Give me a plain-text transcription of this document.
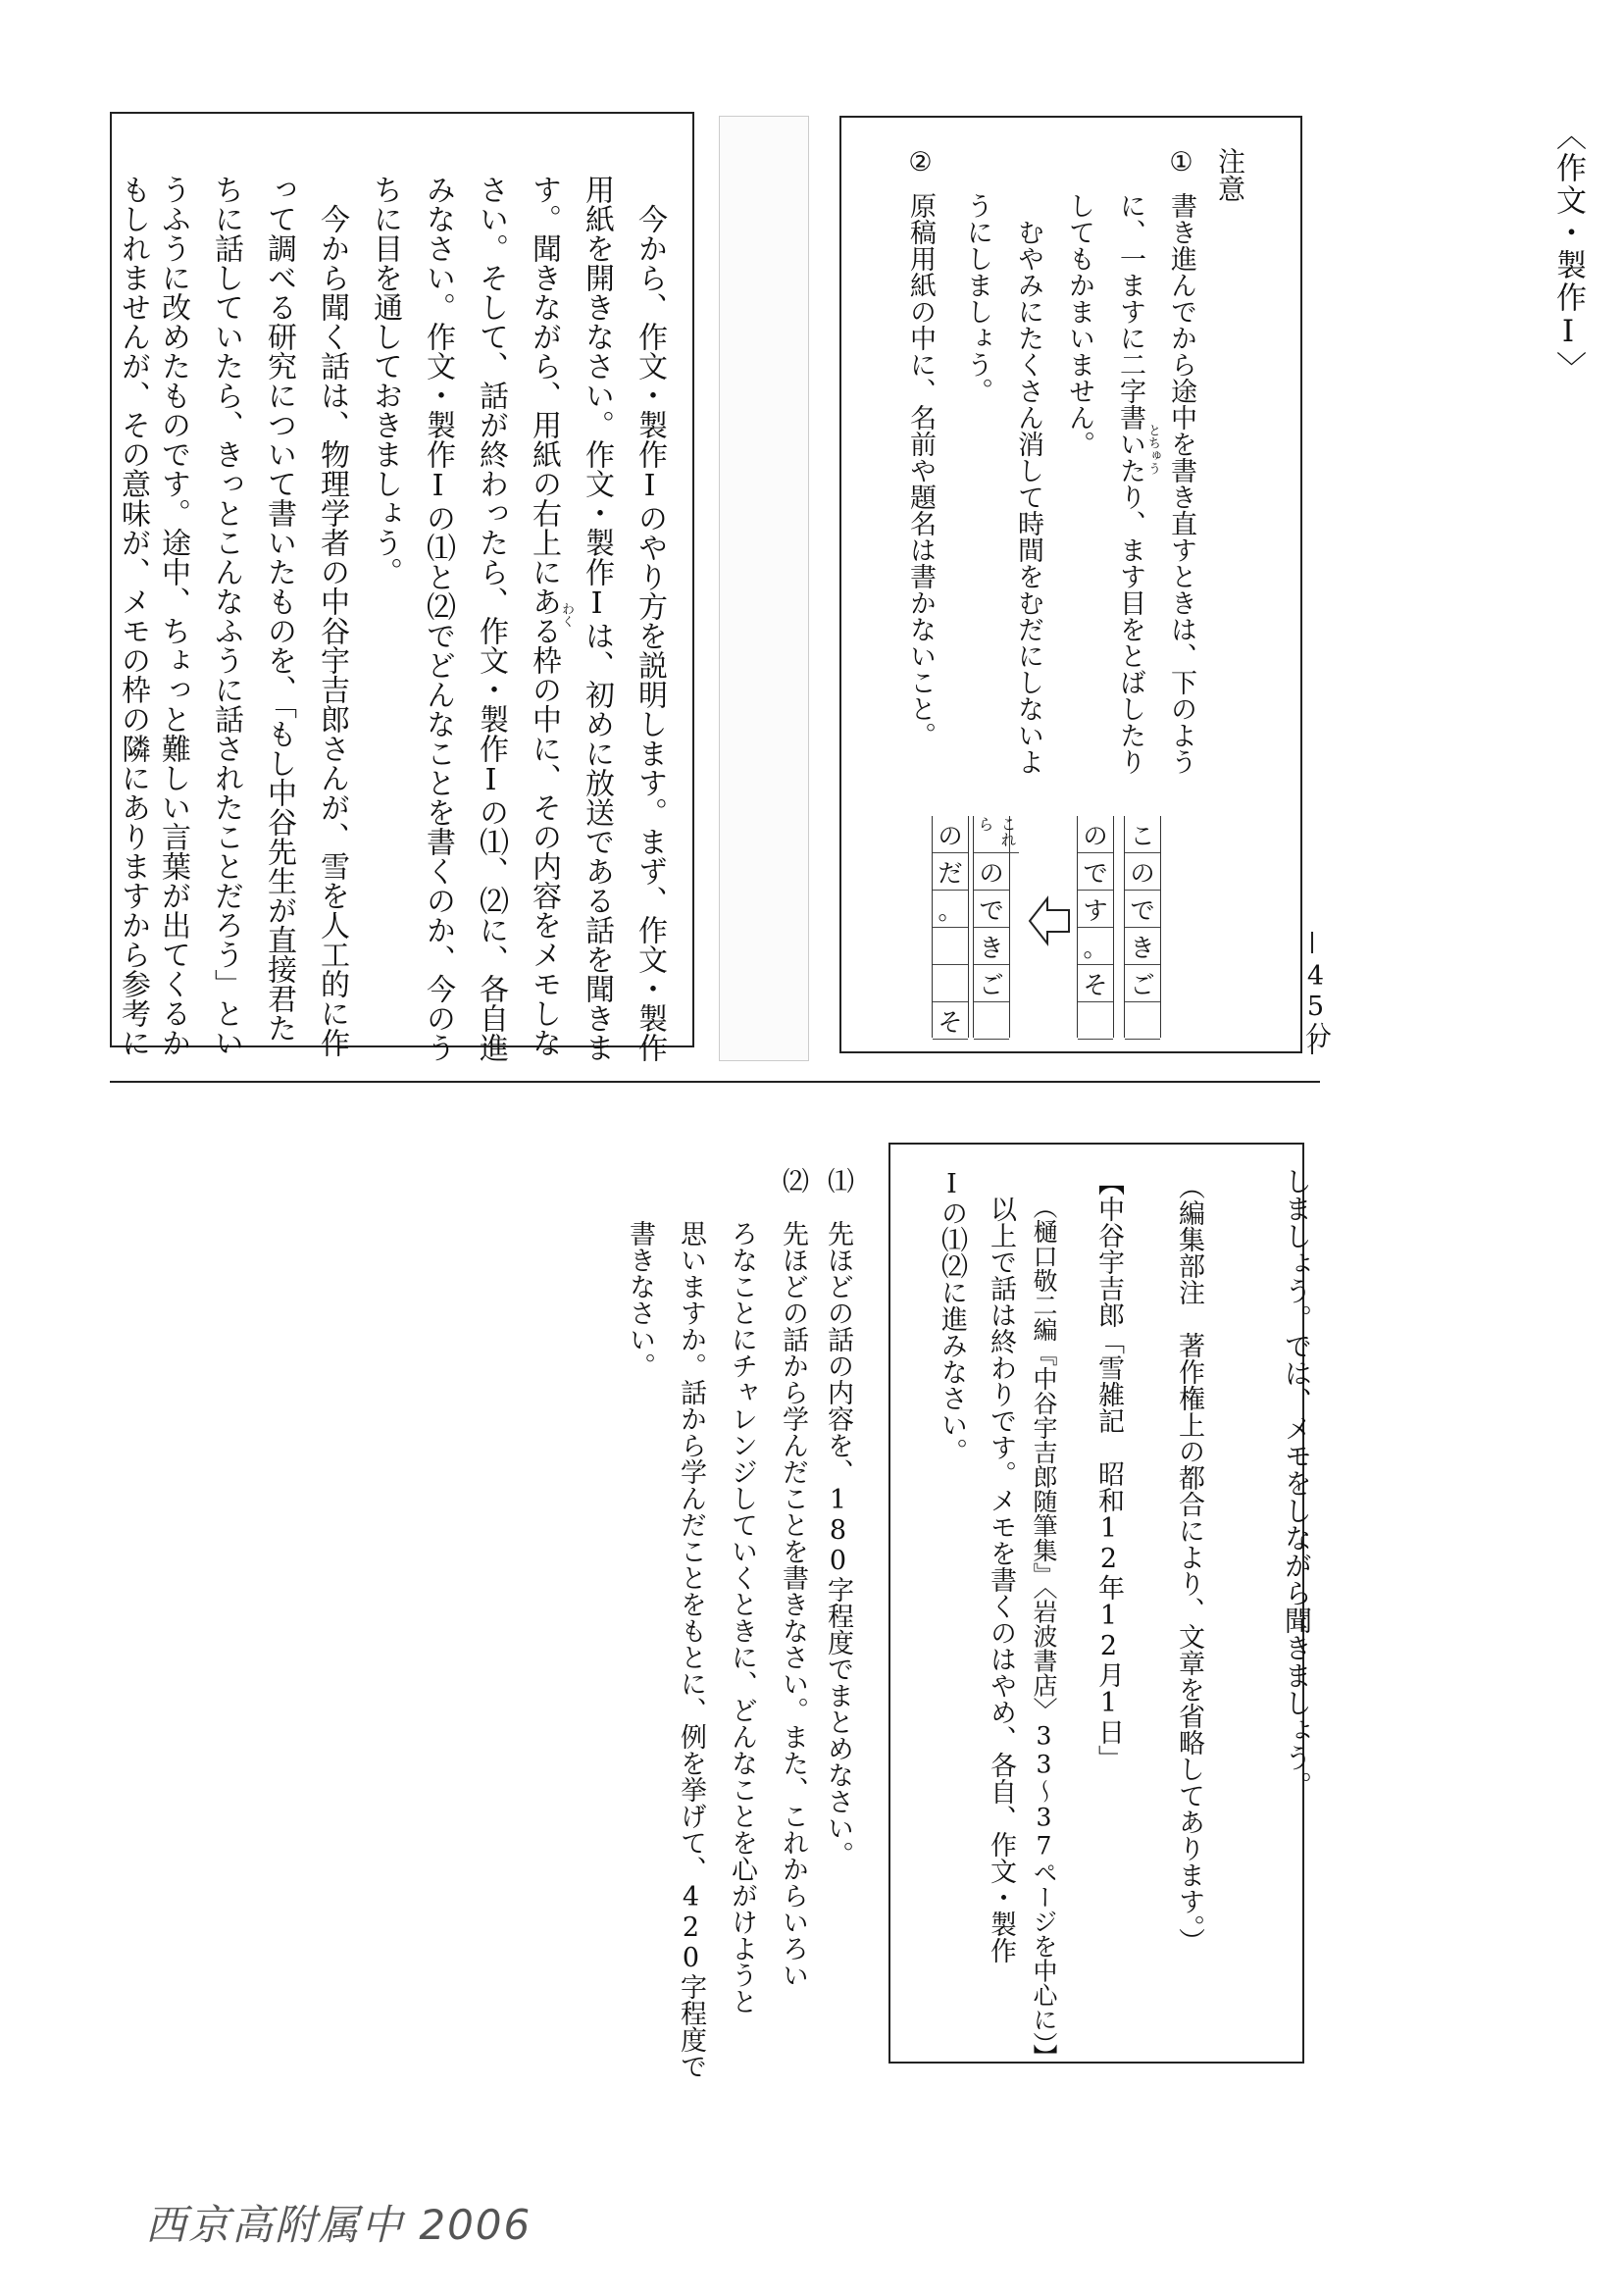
〈作文・製作Ⅰ〉
45分
注意
①
書き進んでから途中を書き直すときは、下のよう
に、一ますに二字書いたり、ます目をとばしたり
してもかまいません。
　むやみにたくさん消して時間をむだにしないよ
うにしましょう。
②
原稿用紙の中に、名前や題名は書かないこと。	とちゅう
こ
の
で
き
ご
の
で
す
。
そ
これら
の
で
き
ご
の
だ
。
そ
　今から、作文・製作Ⅰのやり方を説明します。まず、作文・製作
用紙を開きなさい。作文・製作Ⅰは、初めに放送である話を聞きま
す。聞きながら、用紙の右上にある枠の中に、その内容をメモしな
さい。そして、話が終わったら、作文・製作Ⅰの⑴、⑵に、各自進
みなさい。作文・製作Ⅰの⑴と⑵でどんなことを書くのか、今のう
ちに目を通しておきましょう。
　今から聞く話は、物理学者の中谷宇吉郎さんが、雪を人工的に作
って調べる研究について書いたものを、「もし中谷先生が直接君た
ちに話していたら、きっとこんなふうに話されたことだろう」とい
うふうに改めたものです。途中、ちょっと難しい言葉が出てくるか
もしれませんが、その意味が、メモの枠の隣にありますから参考に	わく
しましょう。では、メモをしながら聞きましょう。
（編集部注　著作権上の都合により、文章を省略してあります。）
【中谷宇吉郎「雪雑記　昭和12年12月1日」
（樋口敬二編『中谷宇吉郎随筆集』〈岩波書店〉33～37ページを中心に）】
　以上で話は終わりです。メモを書くのはやめ、各自、作文・製作
Ⅰの⑴⑵に進みなさい。
⑴　先ほどの話の内容を、180字程度でまとめなさい。
⑵　先ほどの話から学んだことを書きなさい。また、これからいろい
　　ろなことにチャレンジしていくときに、どんなことを心がけようと
　　思いますか。話から学んだことをもとに、例を挙げて、420字程度で
　　書きなさい。
西京高附属中 2006
